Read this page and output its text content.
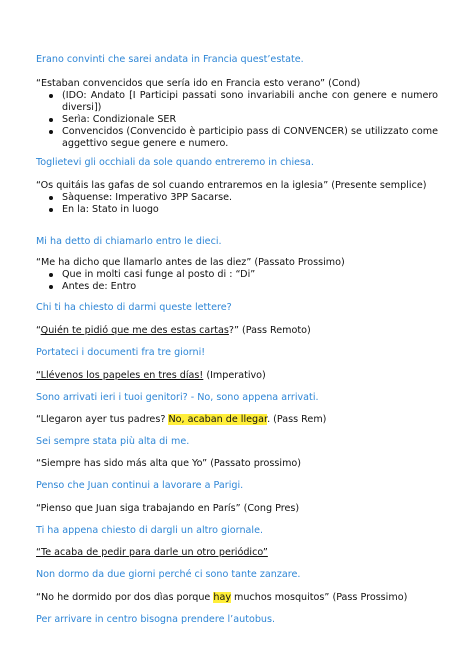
Erano convinti che sarei andata in Francia quest’estate.
“Estaban convencidos que sería ido en Francia esto verano” (Cond)
(IDO: Andato [I Participi passati sono invariabili anche con genere e numero diversi])
Serìa: Condizionale SER
Convencidos (Convencido è participio pass di CONVENCER) se utilizzato come aggettivo segue genere e numero.
Toglietevi gli occhiali da sole quando entreremo in chiesa.
“Os quitáis las gafas de sol cuando entraremos en la iglesia” (Presente semplice)
Sàquense: Imperativo 3PP Sacarse.
En la: Stato in luogo
Mi ha detto di chiamarlo entro le dieci.
“Me ha dicho que llamarlo antes de las diez” (Passato Prossimo)
Que in molti casi funge al posto di : “Di”
Antes de: Entro
Chi ti ha chiesto di darmi queste lettere?
“Quién te pidió que me des estas cartas?” (Pass Remoto)
Portateci i documenti fra tre giorni!
“Llévenos los papeles en tres días! (Imperativo)
Sono arrivati ieri i tuoi genitori? - No, sono appena arrivati.
“Llegaron ayer tus padres? No, acaban de llegar. (Pass Rem)
Sei sempre stata più alta di me.
“Siempre has sido más alta que Yo” (Passato prossimo)
Penso che Juan continui a lavorare a Parigi.
“Pienso que Juan siga trabajando en París” (Cong Pres)
Ti ha appena chiesto di dargli un altro giornale.
“Te acaba de pedir para darle un otro periódico”
Non dormo da due giorni perché ci sono tante zanzare.
“No he dormido por dos dìas porque hay muchos mosquitos” (Pass Prossimo)
Per arrivare in centro bisogna prendere l’autobus.
